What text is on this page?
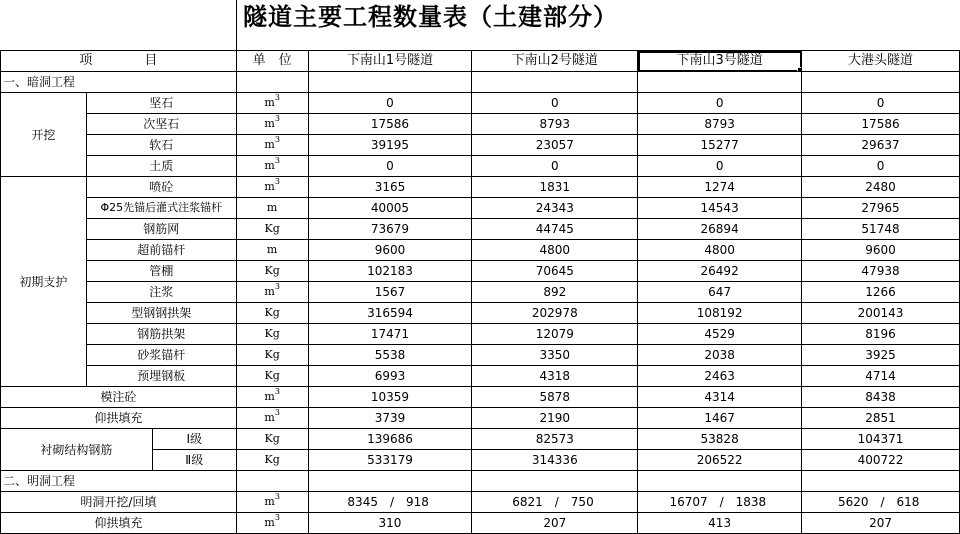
隧道主要工程数量表（土建部分）
项　　　　目			单　位	下南山1号隧道	下南山2号隧道	下南山3号隧道	大港头隧道
一、暗洞工程							
开挖	坚石		$m^3$	0	0	0	0
	次坚石		$m^3$	17586	8793	8793	17586
	软石		$m^3$	39195	23057	15277	29637
	土质		$m^3$	0	0	0	0
初期支护	喷砼		$m^3$	3165	1831	1274	2480
	Φ25先锚后灌式注浆锚杆		m	40005	24343	14543	27965
	钢筋网		Kg	73679	44745	26894	51748
	超前锚杆		m	9600	4800	4800	9600
	管棚		Kg	102183	70645	26492	47938
	注浆		$m^3$	1567	892	647	1266
	型钢钢拱架		Kg	316594	202978	108192	200143
	钢筋拱架		Kg	17471	12079	4529	8196
	砂浆锚杆		Kg	5538	3350	2038	3925
	预埋钢板		Kg	6993	4318	2463	4714
模注砼			$m^3$	10359	5878	4314	8438
仰拱填充			$m^3$	3739	2190	1467	2851
衬砌结构钢筋		Ⅰ级	Kg	139686	82573	53828	104371
		Ⅱ级	Kg	533179	314336	206522	400722
二、明洞工程							
明洞开挖/回填			$m^3$	8345 / 918	6821 / 750	16707 / 1838	5620 / 618

仰拱填充			$m^3$	310	207	413	207
